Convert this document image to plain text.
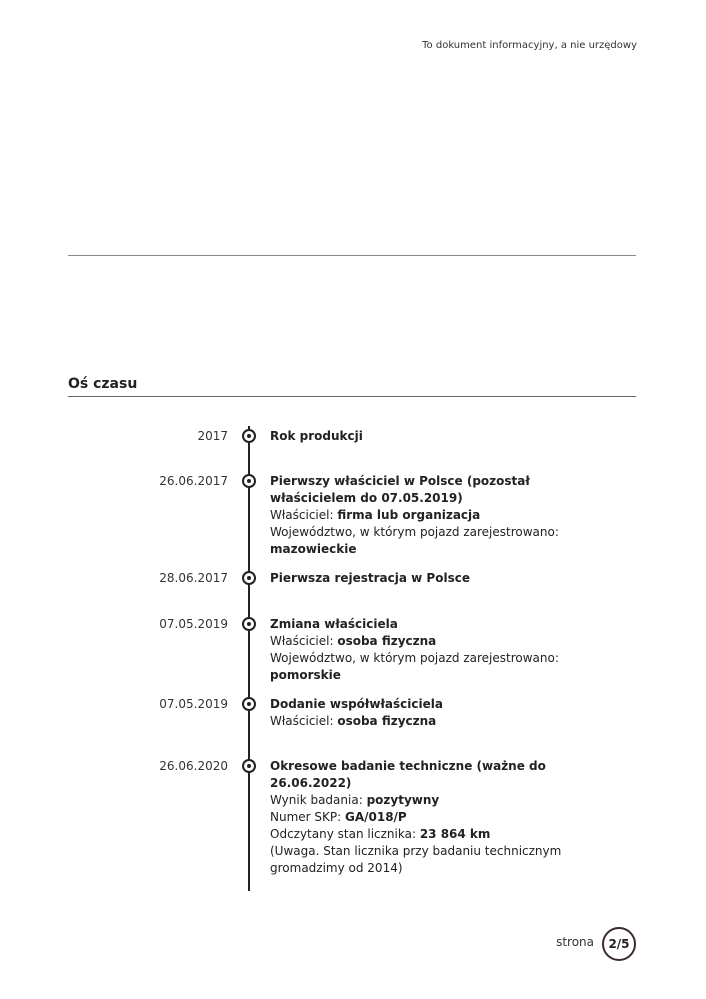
To dokument informacyjny, a nie urzędowy
Oś czasu
2017	Rok produkcji
26.06.2017	Pierwszy właściciel w Polsce (pozostał właścicielem do 07.05.2019)
Właściciel: firma lub organizacja
Województwo, w którym pojazd zarejestrowano: mazowieckie
28.06.2017	Pierwsza rejestracja w Polsce
07.05.2019	Zmiana właściciela
Właściciel: osoba fizyczna
Województwo, w którym pojazd zarejestrowano: pomorskie
07.05.2019	Dodanie współwłaściciela
Właściciel: osoba fizyczna
26.06.2020	Okresowe badanie techniczne (ważne do 26.06.2022)
Wynik badania: pozytywny
Numer SKP: GA/018/P
Odczytany stan licznika: 23 864 km
(Uwaga. Stan licznika przy badaniu technicznym gromadzimy od 2014)
strona	2/5
